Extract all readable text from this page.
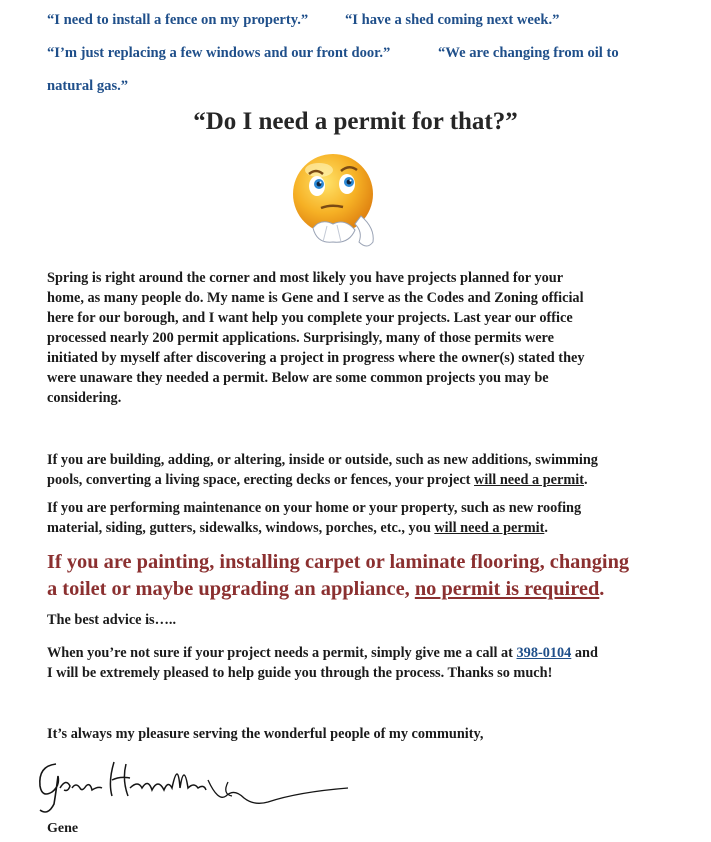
“I need to install a fence on my property.”	“I have a shed coming next week.”
“I’m just replacing a few windows and our front door.”	“We are changing from oil to
natural gas.”
“Do I need a permit for that?”
Spring is right around the corner and most likely you have projects planned for your
home, as many people do. My name is Gene and I serve as the Codes and Zoning official
here for our borough, and I want help you complete your projects. Last year our office
processed nearly 200 permit applications. Surprisingly, many of those permits were
initiated by myself after discovering a project in progress where the owner(s) stated they
were unaware they needed a permit. Below are some common projects you may be
considering.
If you are building, adding, or altering, inside or outside, such as new additions, swimming
pools, converting a living space, erecting decks or fences, your project will need a permit.
If you are performing maintenance on your home or your property, such as new roofing
material, siding, gutters, sidewalks, windows, porches, etc., you will need a permit.
If you are painting, installing carpet or laminate flooring, changing
a toilet or maybe upgrading an appliance, no permit is required.
The best advice is…..
When you’re not sure if your project needs a permit, simply give me a call at 398-0104 and
I will be extremely pleased to help guide you through the process. Thanks so much!
It’s always my pleasure serving the wonderful people of my community,
Gene
